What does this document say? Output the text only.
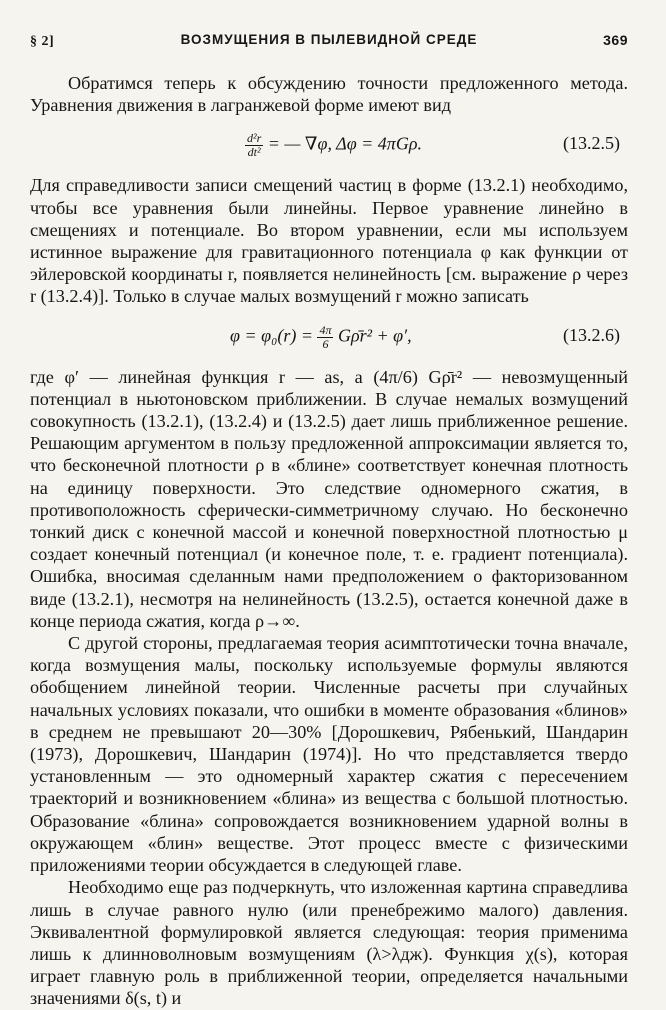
§ 2]	ВОЗМУЩЕНИЯ В ПЫЛЕВИДНОЙ СРЕДЕ	369

Обратимся теперь к обсуждению точности предложенного метода. Уравнения движения в лагранжевой форме имеют вид

$\frac{\text{d²r}}{\text{dt²}}$ = — ∇φ, Δφ = 4πGρ.	(13.2.5)

Для справедливости записи смещений частиц в форме (13.2.1) необходимо, чтобы все уравнения были линейны. Первое уравнение линейно в смещениях и потенциале. Во втором уравнении, если мы используем истинное выражение для гравитационного потенциала φ как функции от эйлеровской координаты r, появляется нелинейность [см. выражение ρ через r (13.2.4)]. Только в случае малых возмущений r можно записать

$\varphi = \varphi_0(r) = \frac{4\pi}{6}$ Gρ̄r² + φ′,	(13.2.6)

где φ′ — линейная функция r — as, а (4π/6) Gρ̄r² — невозмущенный потенциал в ньютоновском приближении. В случае немалых возмущений совокупность (13.2.1), (13.2.4) и (13.2.5) дает лишь приближенное решение. Решающим аргументом в пользу предложенной аппроксимации является то, что бесконечной плотности ρ в «блине» соответствует конечная плотность на единицу поверхности. Это следствие одномерного сжатия, в противоположность сферически-симметричному случаю. Но бесконечно тонкий диск с конечной массой и конечной поверхностной плотностью μ создает конечный потенциал (и конечное поле, т. е. градиент потенциала). Ошибка, вносимая сделанным нами предположением о факторизованном виде (13.2.1), несмотря на нелинейность (13.2.5), остается конечной даже в конце периода сжатия, когда ρ→∞.

С другой стороны, предлагаемая теория асимптотически точна вначале, когда возмущения малы, поскольку используемые формулы являются обобщением линейной теории. Численные расчеты при случайных начальных условиях показали, что ошибки в моменте образования «блинов» в среднем не превышают 20—30% [Дорошкевич, Рябенький, Шандарин (1973), Дорошкевич, Шандарин (1974)]. Но что представляется твердо установленным — это одномерный характер сжатия с пересечением траекторий и возникновением «блина» из вещества с большой плотностью. Образование «блина» сопровождается возникновением ударной волны в окружающем «блин» веществе. Этот процесс вместе с физическими приложениями теории обсуждается в следующей главе.

Необходимо еще раз подчеркнуть, что изложенная картина справедлива лишь в случае равного нулю (или пренебрежимо малого) давления. Эквивалентной формулировкой является следующая: теория применима лишь к длинноволновым возмущениям (λ>λдж). Функция χ(s), которая играет главную роль в приближенной теории, определяется начальными значениями δ(s, t) и
